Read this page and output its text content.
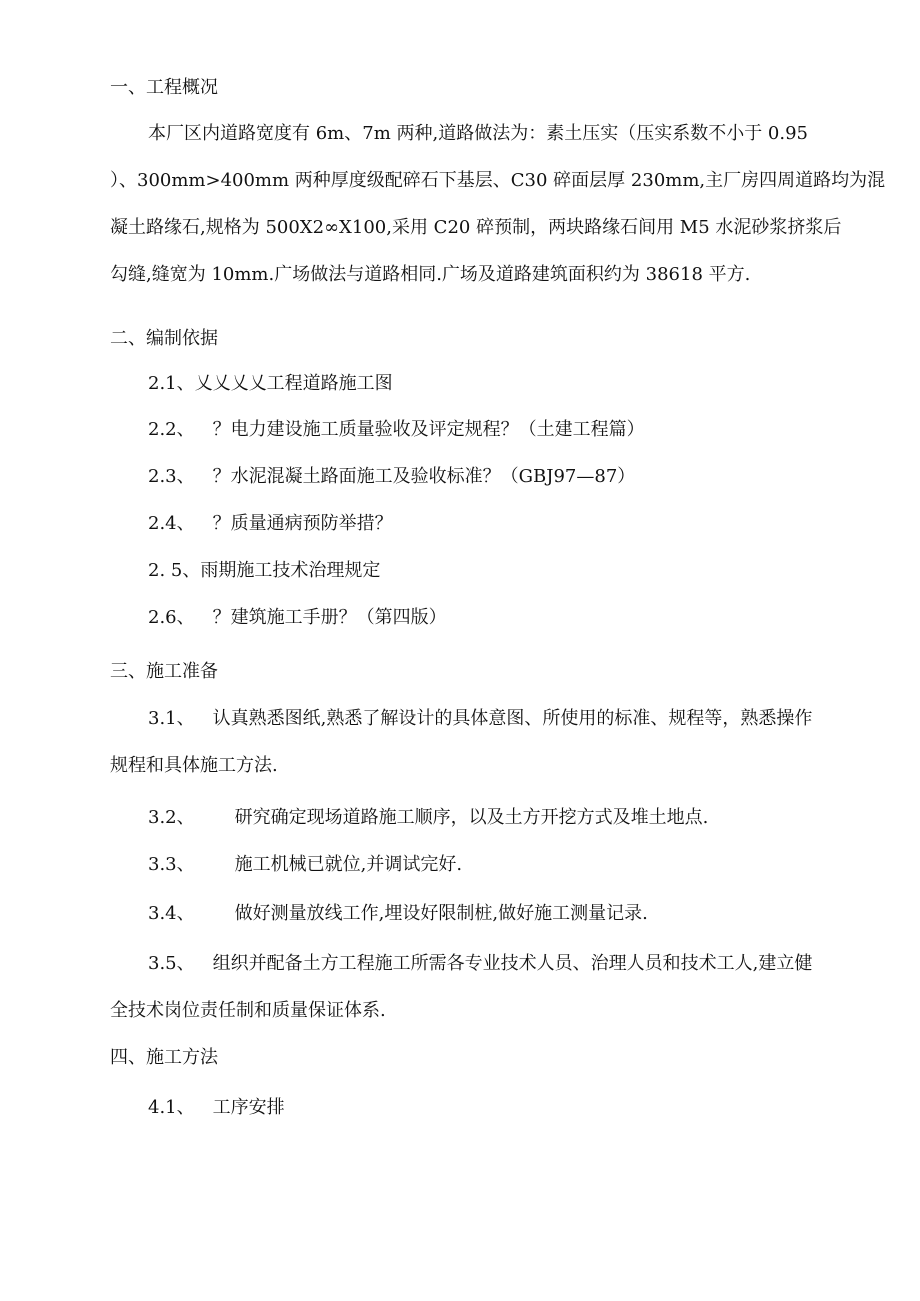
一、工程概况
本厂区内道路宽度有 6m、7m 两种,道路做法为：素土压实（压实系数不小于 0.95
）、300mm>400mm 两种厚度级配碎石下基层、C30 碎面层厚 230mm,主厂房四周道路均为混
凝土路缘石,规格为 500X2∞X100,采用 C20 碎预制，两块路缘石间用 M5 水泥砂浆挤浆后
勾缝,缝宽为 10mm.广场做法与道路相同.广场及道路建筑面积约为 38618 平方.
二、编制依据
2.1、乂乂乂乂工程道路施工图
2.2、 ？电力建设施工质量验收及评定规程？（土建工程篇）
2.3、 ？水泥混凝土路面施工及验收标准？（GBJ97—87）
2.4、 ？质量通病预防举措？
2. 5、雨期施工技术治理规定
2.6、 ？建筑施工手册？（第四版）
三、施工准备
3.1、 认真熟悉图纸,熟悉了解设计的具体意图、所使用的标准、规程等，熟悉操作
规程和具体施工方法.
3.2、 研究确定现场道路施工顺序，以及土方开挖方式及堆土地点.
3.3、 施工机械已就位,并调试完好.
3.4、 做好测量放线工作,埋设好限制桩,做好施工测量记录.
3.5、 组织并配备土方工程施工所需各专业技术人员、治理人员和技术工人,建立健
全技术岗位责任制和质量保证体系.
四、施工方法
4.1、 工序安排
